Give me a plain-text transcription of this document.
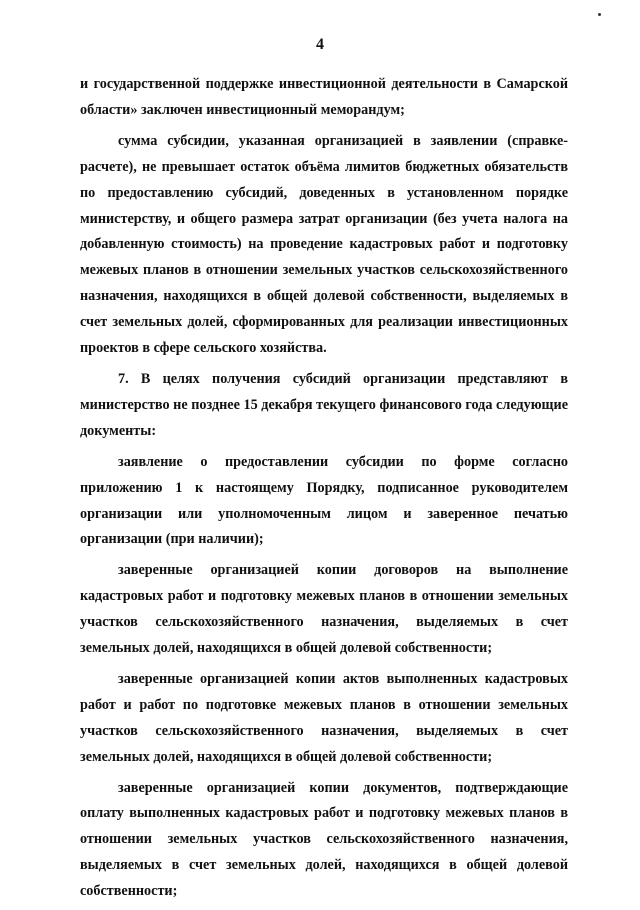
4

и государственной поддержке инвестиционной деятельности в Самарской области» заключен инвестиционный меморандум;

сумма субсидии, указанная организацией в заявлении (справке-расчете), не превышает остаток объёма лимитов бюджетных обязательств по предоставлению субсидий, доведенных в установленном порядке министерству, и общего размера затрат организации (без учета налога на добавленную стоимость) на проведение кадастровых работ и подготовку межевых планов в отношении земельных участков сельскохозяйственного назначения, находящихся в общей долевой собственности, выделяемых в счет земельных долей, сформированных для реализации инвестиционных проектов в сфере сельского хозяйства.

7. В целях получения субсидий организации представляют в министерство не позднее 15 декабря текущего финансового года следующие документы:

заявление о предоставлении субсидии по форме согласно приложению 1 к настоящему Порядку, подписанное руководителем организации или уполномоченным лицом и заверенное печатью организации (при наличии);

заверенные организацией копии договоров на выполнение кадастровых работ и подготовку межевых планов в отношении земельных участков сельскохозяйственного назначения, выделяемых в счет земельных долей, находящихся в общей долевой собственности;

заверенные организацией копии актов выполненных кадастровых работ и работ по подготовке межевых планов в отношении земельных участков сельскохозяйственного назначения, выделяемых в счет земельных долей, находящихся в общей долевой собственности;

заверенные организацией копии документов, подтверждающие оплату выполненных кадастровых работ и подготовку межевых планов в отношении земельных участков сельскохозяйственного назначения, выделяемых в счет земельных долей, находящихся в общей долевой собственности;
